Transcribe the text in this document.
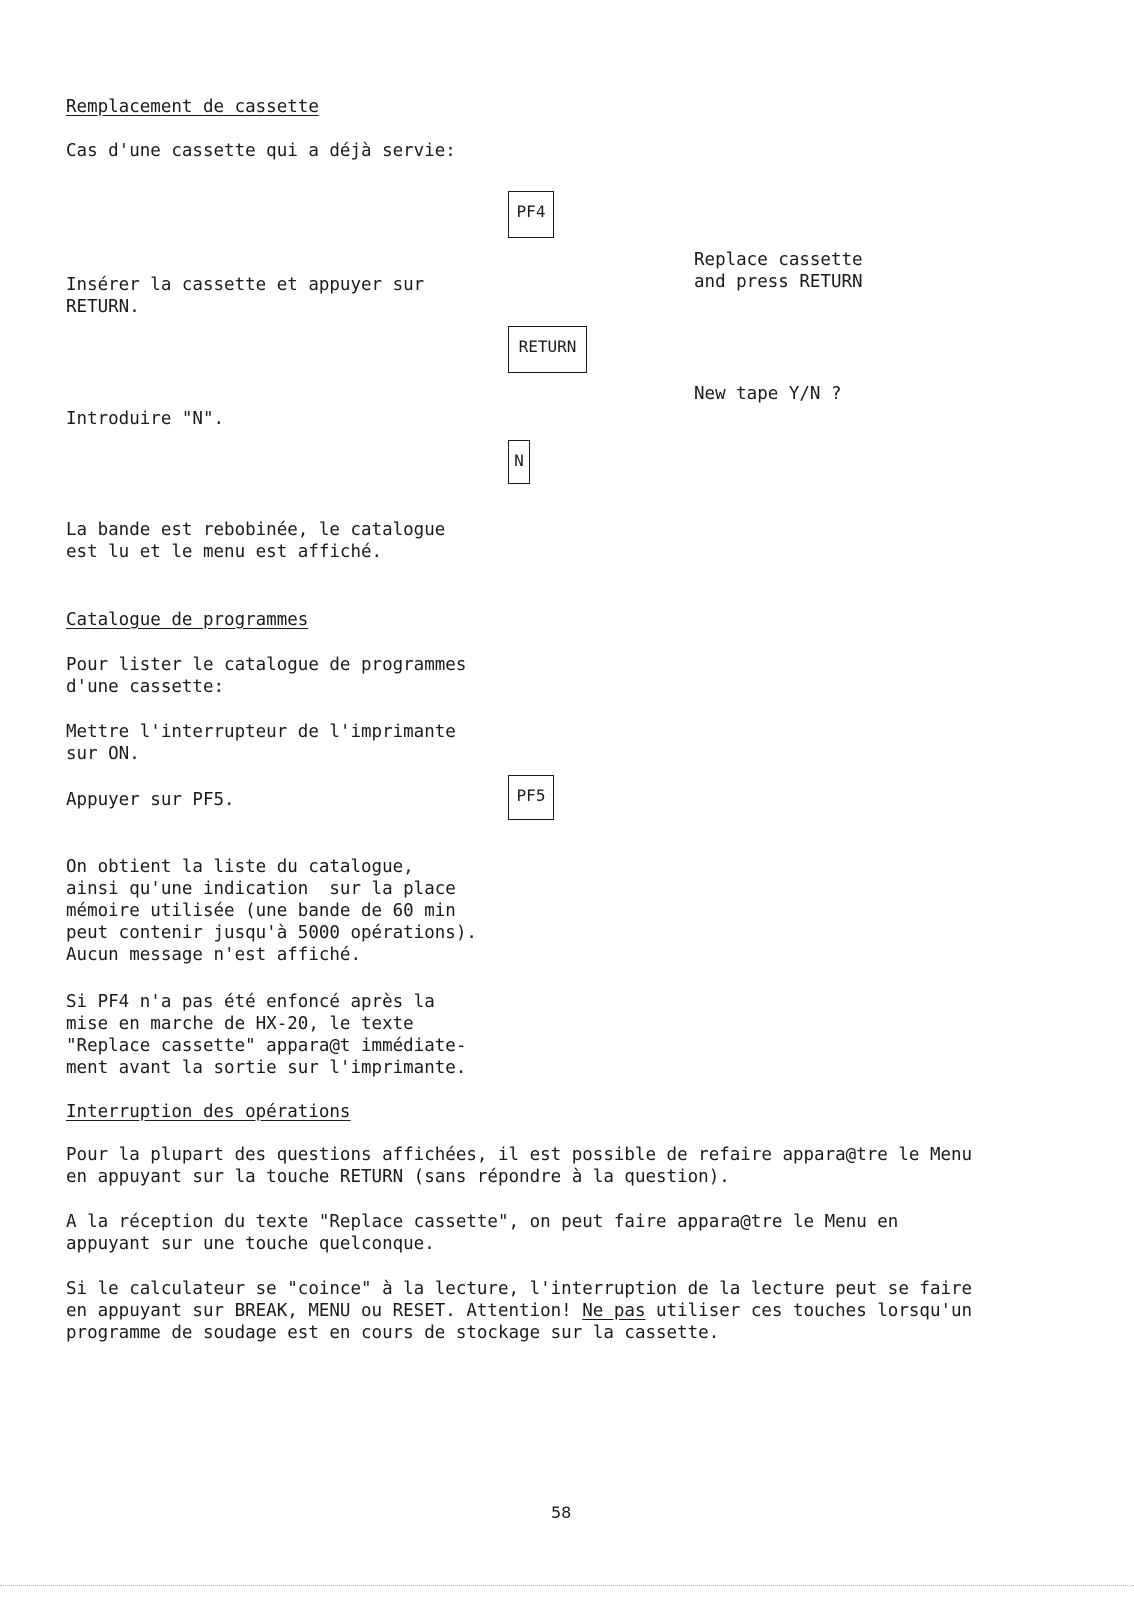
Remplacement de cassette
Cas d'une cassette qui a déjà servie:
PF4
Replace cassette
and press RETURN
Insérer la cassette et appuyer sur
RETURN.
RETURN
New tape Y/N ?
Introduire "N".
N
La bande est rebobinée, le catalogue
est lu et le menu est affiché.
Catalogue de programmes
Pour lister le catalogue de programmes
d'une cassette:
Mettre l'interrupteur de l'imprimante
sur ON.
Appuyer sur PF5.	PF5
On obtient la liste du catalogue,
ainsi qu'une indication  sur la place
mémoire utilisée (une bande de 60 min
peut contenir jusqu'à 5000 opérations).
Aucun message n'est affiché.
Si PF4 n'a pas été enfoncé après la
mise en marche de HX-20, le texte
"Replace cassette" appara@t immédiate-
ment avant la sortie sur l'imprimante.
Interruption des opérations
Pour la plupart des questions affichées, il est possible de refaire appara@tre le Menu
en appuyant sur la touche RETURN (sans répondre à la question).
A la réception du texte "Replace cassette", on peut faire appara@tre le Menu en
appuyant sur une touche quelconque.
Si le calculateur se "coince" à la lecture, l'interruption de la lecture peut se faire
en appuyant sur BREAK, MENU ou RESET. Attention! Ne pas utiliser ces touches lorsqu'un
programme de soudage est en cours de stockage sur la cassette.
58
